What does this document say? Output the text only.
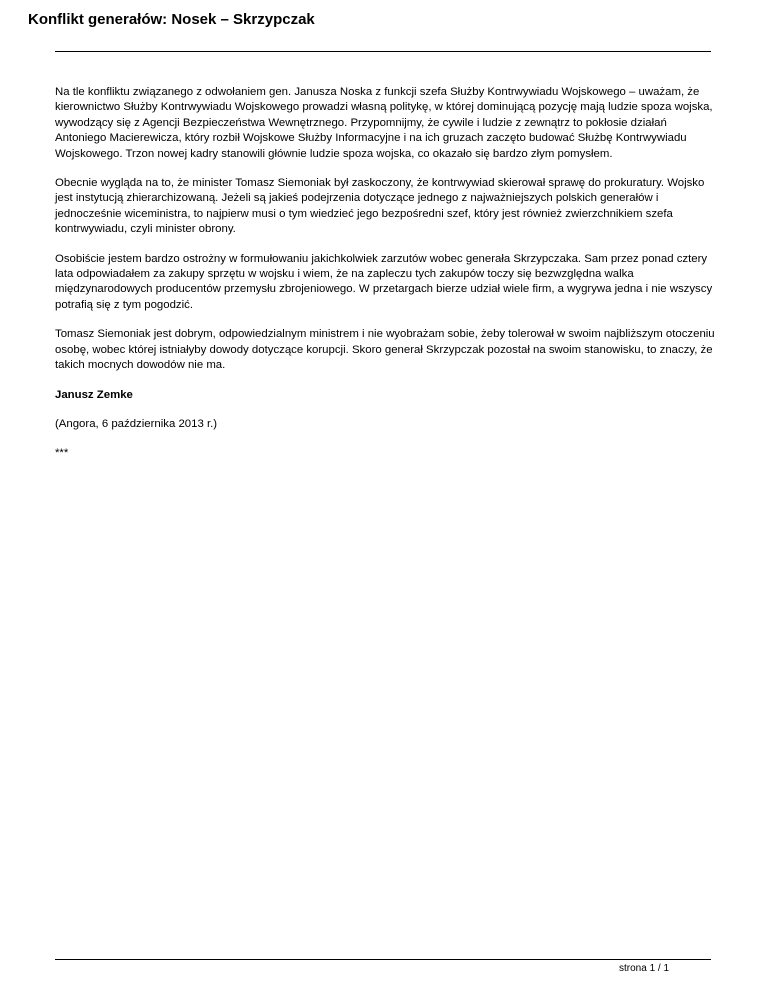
Konflikt generałów: Nosek – Skrzypczak

Na tle konfliktu związanego z odwołaniem gen. Janusza Noska z funkcji szefa Służby Kontrwywiadu Wojskowego – uważam, że kierownictwo Służby Kontrwywiadu Wojskowego prowadzi własną politykę, w której dominującą pozycję mają ludzie spoza wojska, wywodzący się z Agencji Bezpieczeństwa Wewnętrznego. Przypomnijmy, że cywile i ludzie z zewnątrz to pokłosie działań Antoniego Macierewicza, który rozbił Wojskowe Służby Informacyjne i na ich gruzach zaczęto budować Służbę Kontrwywiadu Wojskowego. Trzon nowej kadry stanowili głównie ludzie spoza wojska, co okazało się bardzo złym pomysłem.

Obecnie wygląda na to, że minister Tomasz Siemoniak był zaskoczony, że kontrwywiad skierował sprawę do prokuratury. Wojsko jest instytucją zhierarchizowaną. Jeżeli są jakieś podejrzenia dotyczące jednego z najważniejszych polskich generałów i jednocześnie wiceministra, to najpierw musi o tym wiedzieć jego bezpośredni szef, który jest również zwierzchnikiem szefa kontrwywiadu, czyli minister obrony.

Osobiście jestem bardzo ostrożny w formułowaniu jakichkolwiek zarzutów wobec generała Skrzypczaka. Sam przez ponad cztery lata odpowiadałem za zakupy sprzętu w wojsku i wiem, że na zapleczu tych zakupów toczy się bezwzględna walka międzynarodowych producentów przemysłu zbrojeniowego. W przetargach bierze udział wiele firm, a wygrywa jedna i nie wszyscy potrafią się z tym pogodzić.

Tomasz Siemoniak jest dobrym, odpowiedzialnym ministrem i nie wyobrażam sobie, żeby tolerował w swoim najbliższym otoczeniu osobę, wobec której istniałyby dowody dotyczące korupcji. Skoro generał Skrzypczak pozostał na swoim stanowisku, to znaczy, że takich mocnych dowodów nie ma.

Janusz Zemke

(Angora, 6 października 2013 r.)

***

strona 1 / 1
